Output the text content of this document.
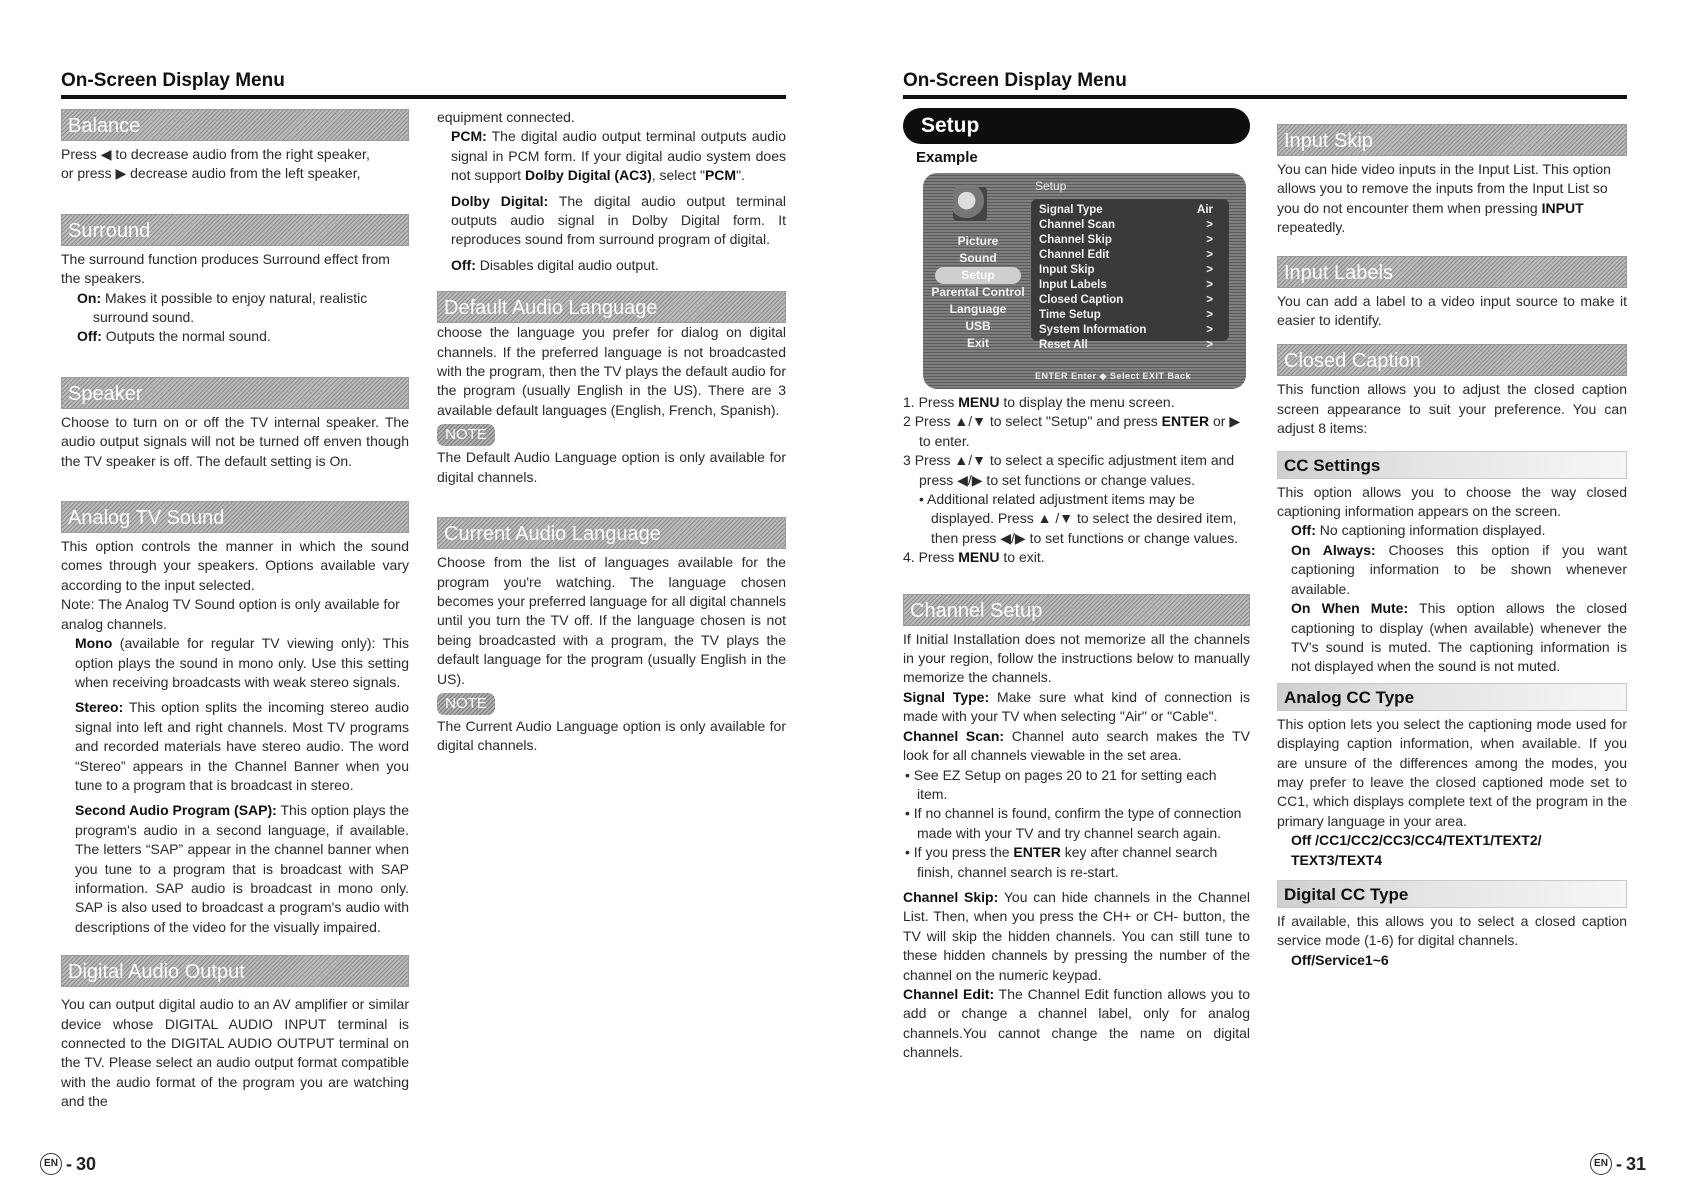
On-Screen Display Menu
Balance

Press ◀ to decrease audio from the right speaker,
or press ▶ decrease audio from the left speaker,

Surround

The surround function produces Surround effect from the speakers.

On: Makes it possible to enjoy natural, realistic surround sound.

Off: Outputs the normal sound.

Speaker

Choose to turn on or off the TV internal speaker. The audio output signals will not be turned off enven though the TV speaker is off. The default setting is On.

Analog TV Sound

This option controls the manner in which the sound comes through your speakers. Options available vary according to the input selected.

Note: The Analog TV Sound option is only available for analog channels.

Mono (available for regular TV viewing only): This option plays the sound in mono only. Use this setting when receiving broadcasts with weak stereo signals.

Stereo: This option splits the incoming stereo audio signal into left and right channels. Most TV programs and recorded materials have stereo audio. The word “Stereo” appears in the Channel Banner when you tune to a program that is broadcast in stereo.

Second Audio Program (SAP): This option plays the program's audio in a second language, if available. The letters “SAP” appear in the channel banner when you tune to a program that is broadcast with SAP information. SAP audio is broadcast in mono only. SAP is also used to broadcast a program's audio with descriptions of the video for the visually impaired.

Digital Audio Output

You can output digital audio to an AV amplifier or similar device whose DIGITAL AUDIO INPUT terminal is connected to the DIGITAL AUDIO OUTPUT terminal on the TV. Please select an audio output format compatible with the audio format of the program you are watching and the

equipment connected.

PCM: The digital audio output terminal outputs audio signal in PCM form. If your digital audio system does not support Dolby Digital (AC3), select "PCM".

Dolby Digital: The digital audio output terminal outputs audio signal in Dolby Digital form. It reproduces sound from surround program of digital.

Off: Disables digital audio output.

Default Audio Language

choose the language you prefer for dialog on digital channels. If the preferred language is not broadcasted with the program, then the TV plays the default audio for the program (usually English in the US). There are 3 available default languages (English, French, Spanish).

NOTE

The Default Audio Language option is only available for digital channels.

Current Audio Language

Choose from the list of languages available for the program you're watching. The language chosen becomes your preferred language for all digital channels until you turn the TV off. If the language chosen is not being broadcasted with a program, the TV plays the default language for the program (usually English in the US).

NOTE

The Current Audio Language option is only available for digital channels.

EN - 30
On-Screen Display Menu
Setup

Example

Setup
Picture
Sound
Setup
Parental Control
Language
USB
Exit
Signal Type	Air
Channel Scan	>
Channel Skip	>
Channel Edit	>
Input Skip	>
Input Labels	>
Closed Caption	>
Time Setup	>
System Information	>
Reset All	>
ENTER Enter ◆ Select EXIT Back

1. Press MENU to display the menu screen.

2 Press ▲/▼ to select "Setup" and press ENTER or ▶ to enter.

3 Press ▲/▼ to select a specific adjustment item and press ◀/▶ to set functions or change values.

• Additional related adjustment items may be displayed. Press ▲ /▼ to select the desired item, then press ◀/▶ to set functions or change values.

4. Press MENU to exit.

Channel Setup

If Initial Installation does not memorize all the channels in your region, follow the instructions below to manually memorize the channels.

Signal Type: Make sure what kind of connection is made with your TV when selecting "Air" or "Cable".

Channel Scan: Channel auto search makes the TV look for all channels viewable in the set area.

• See EZ Setup on pages 20 to 21 for setting each item.

• If no channel is found, confirm the type of connection made with your TV and try channel search again.

• If you press the ENTER key after channel search finish, channel search is re-start.

Channel Skip: You can hide channels in the Channel List. Then, when you press the CH+ or CH- button, the TV will skip the hidden channels. You can still tune to these hidden channels by pressing the number of the channel on the numeric keypad.

Channel Edit: The Channel Edit function allows you to add or change a channel label, only for analog channels.You cannot change the name on digital channels.

Input Skip

You can hide video inputs in the Input List. This option allows you to remove the inputs from the Input List so you do not encounter them when pressing INPUT repeatedly.

Input Labels

You can add a label to a video input source to make it easier to identify.

Closed Caption

This function allows you to adjust the closed caption screen appearance to suit your preference. You can adjust 8 items:

CC Settings

This option allows you to choose the way closed captioning information appears on the screen.

Off: No captioning information displayed.

On Always: Chooses this option if you want captioning information to be shown whenever available.

On When Mute: This option allows the closed captioning to display (when available) whenever the TV's sound is muted. The captioning information is not displayed when the sound is not muted.

Analog CC Type

This option lets you select the captioning mode used for displaying caption information, when available. If you are unsure of the differences among the modes, you may prefer to leave the closed captioned mode set to CC1, which displays complete text of the program in the primary language in your area.

Off /CC1/CC2/CC3/CC4/TEXT1/TEXT2/ TEXT3/TEXT4

Digital CC Type

If available, this allows you to select a closed caption service mode (1-6) for digital channels.

Off/Service1~6

EN - 31
